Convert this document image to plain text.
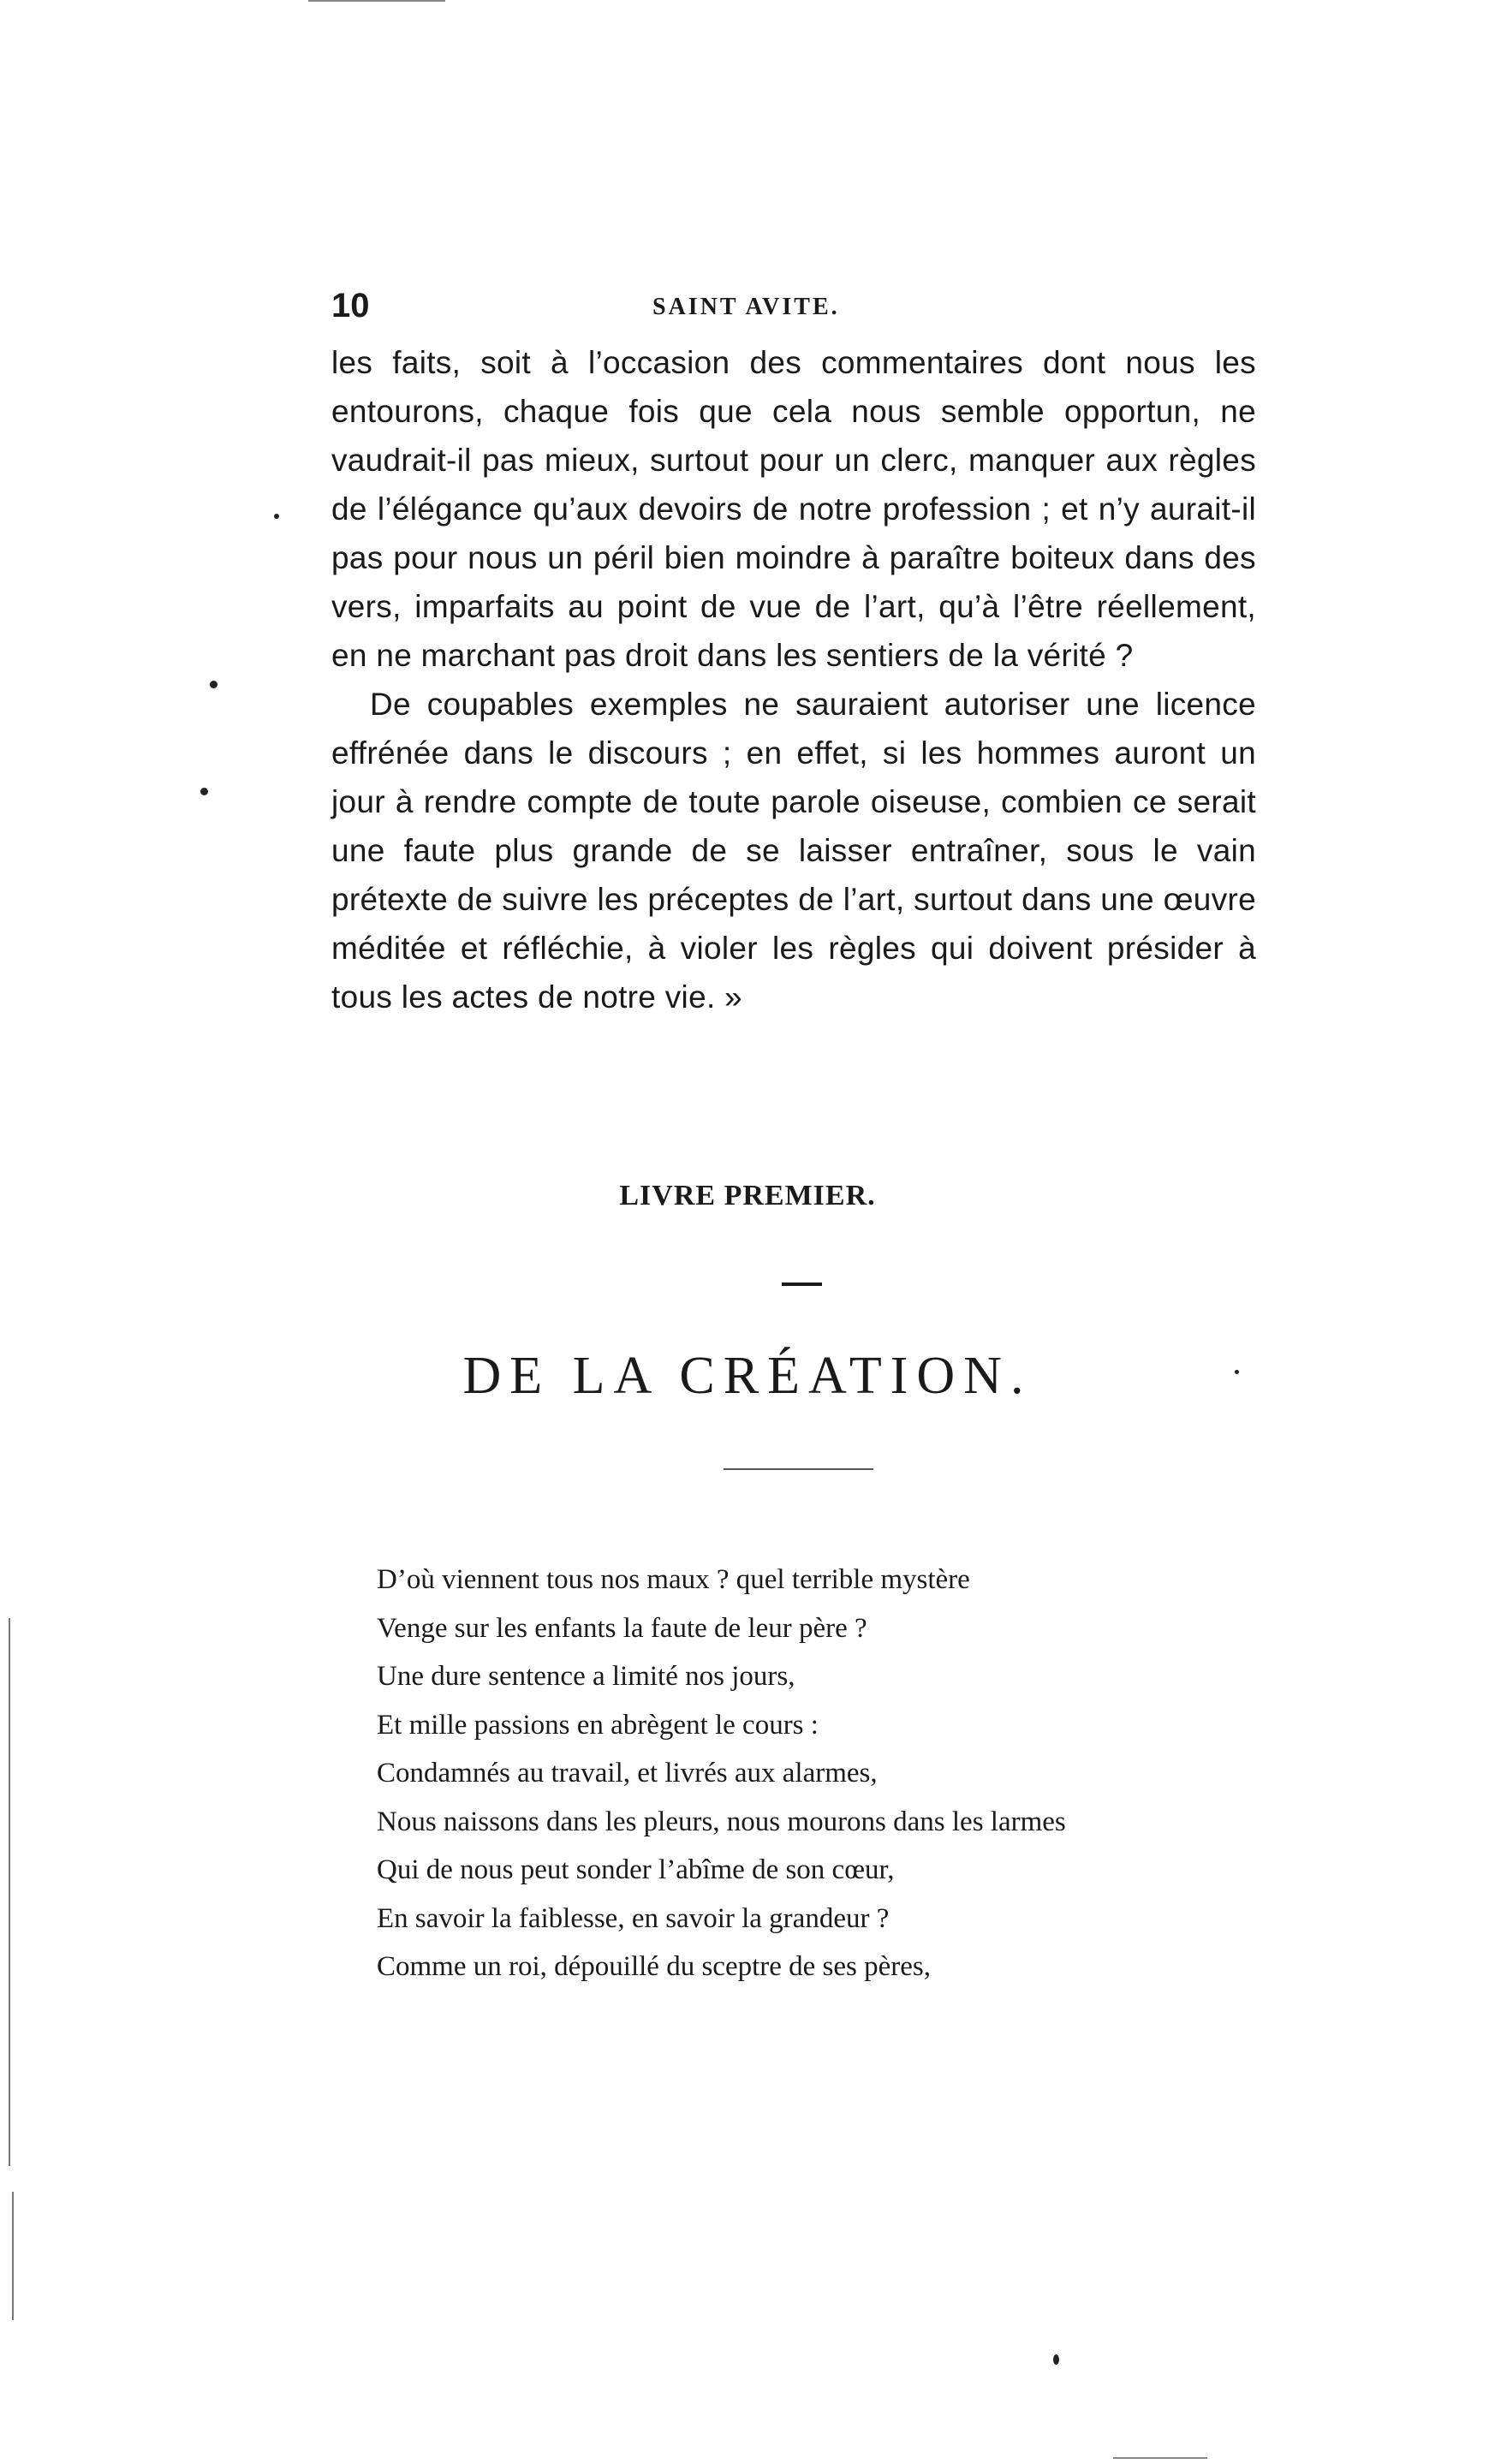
10	SAINT AVITE.

les faits, soit à l’occasion des commentaires dont nous les entourons, chaque fois que cela nous semble opportun, ne vaudrait-il pas mieux, surtout pour un clerc, manquer aux règles de l’élégance qu’aux devoirs de notre profession ; et n’y aurait-il pas pour nous un péril bien moindre à paraître boiteux dans des vers, imparfaits au point de vue de l’art, qu’à l’être réellement, en ne marchant pas droit dans les sentiers de la vérité ?

De coupables exemples ne sauraient autoriser une licence effrénée dans le discours ; en effet, si les hommes auront un jour à rendre compte de toute parole oiseuse, combien ce serait une faute plus grande de se laisser entraîner, sous le vain prétexte de suivre les préceptes de l’art, surtout dans une œuvre méditée et réfléchie, à violer les règles qui doivent présider à tous les actes de notre vie. »

LIVRE PREMIER.
DE LA CRÉATION.
D’où viennent tous nos maux ? quel terrible mystère
Venge sur les enfants la faute de leur père ?
Une dure sentence a limité nos jours,
Et mille passions en abrègent le cours :
Condamnés au travail, et livrés aux alarmes,
Nous naissons dans les pleurs, nous mourons dans les larmes
Qui de nous peut sonder l’abîme de son cœur,
En savoir la faiblesse, en savoir la grandeur ?
Comme un roi, dépouillé du sceptre de ses pères,
